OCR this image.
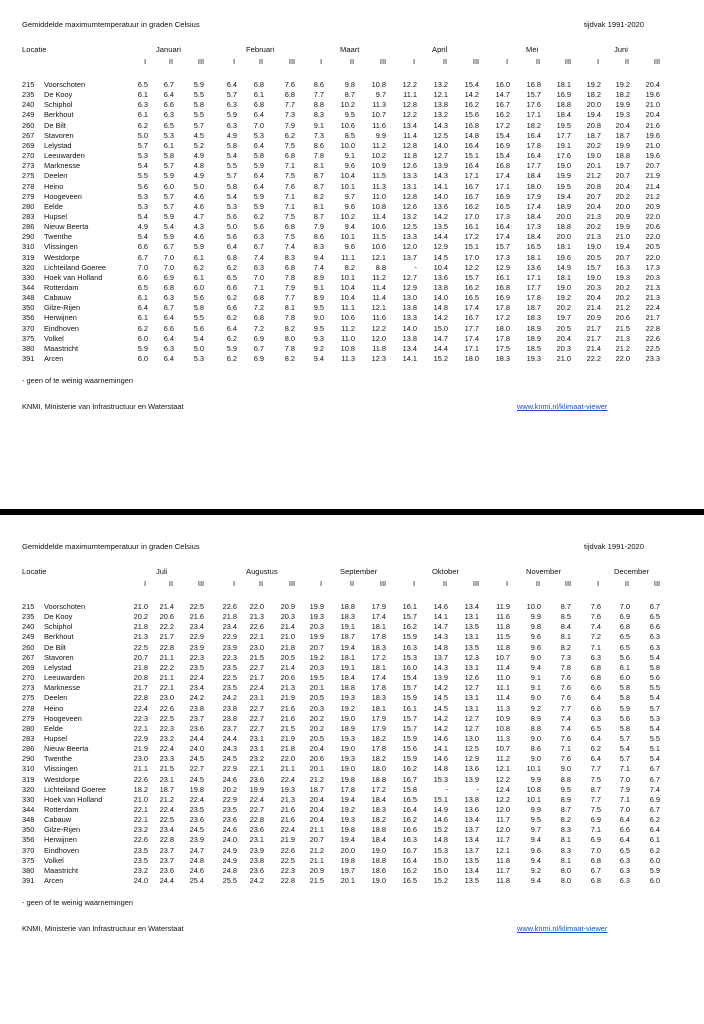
Gemiddelde maximumtemperatuur in graden Celsius	tijdvak 1991-2020
Locatie	Januari	Februari	Maart	April	Mei	Juni
I	II	III	I	II	III	I	II	III	I	II	III	I	II	III	I	II	III
215	Voorschoten	6.5	6.7	5.9	6.4	6.8	7.6	8.6	9.8	10.8	12.2	13.2	15.4	16.0	16.8	18.1	19.2	19.2	20.4
235	De Kooy	6.1	6.4	5.5	5.7	6.1	6.8	7.7	8.7	9.7	11.1	12.1	14.2	14.7	15.7	16.9	18.2	18.2	19.6
240	Schiphol	6.3	6.6	5.8	6.3	6.8	7.7	8.8	10.2	11.3	12.8	13.8	16.2	16.7	17.6	18.8	20.0	19.9	21.0
249	Berkhout	6.1	6.3	5.5	5.9	6.4	7.3	8.3	9.5	10.7	12.2	13.2	15.6	16.2	17.1	18.4	19.4	19.3	20.4
260	De Bilt	6.2	6.5	5.7	6.3	7.0	7.9	9.1	10.6	11.6	13.4	14.3	16.8	17.2	18.2	19.5	20.8	20.4	21.6
267	Stavoren	5.0	5.3	4.5	4.9	5.3	6.2	7.3	8.5	9.9	11.4	12.5	14.8	15.4	16.4	17.7	18.7	18.7	19.6
269	Lelystad	5.7	6.1	5.2	5.8	6.4	7.5	8.6	10.0	11.2	12.8	14.0	16.4	16.9	17.8	19.1	20.2	19.9	21.0
270	Leeuwarden	5.3	5.8	4.9	5.4	5.8	6.8	7.8	9.1	10.2	11.8	12.7	15.1	15.4	16.4	17.6	19.0	18.8	19.6
273	Marknesse	5.4	5.7	4.8	5.5	5.9	7.1	8.1	9.6	10.9	12.6	13.9	16.4	16.8	17.7	19.0	20.1	19.7	20.7
275	Deelen	5.5	5.9	4.9	5.7	6.4	7.5	8.7	10.4	11.5	13.3	14.3	17.1	17.4	18.4	19.9	21.2	20.7	21.9
278	Heino	5.6	6.0	5.0	5.8	6.4	7.6	8.7	10.1	11.3	13.1	14.1	16.7	17.1	18.0	19.5	20.8	20.4	21.4
279	Hoogeveen	5.3	5.7	4.6	5.4	5.9	7.1	8.2	9.7	11.0	12.8	14.0	16.7	16.9	17.9	19.4	20.7	20.2	21.2
280	Eelde	5.3	5.7	4.6	5.3	5.9	7.1	8.1	9.6	10.8	12.6	13.6	16.2	16.5	17.4	18.9	20.4	20.0	20.9
283	Hupsel	5.4	5.9	4.7	5.6	6.2	7.5	8.7	10.2	11.4	13.2	14.2	17.0	17.3	18.4	20.0	21.3	20.9	22.0
286	Nieuw Beerta	4.9	5.4	4.3	5.0	5.6	6.8	7.9	9.4	10.6	12.5	13.5	16.1	16.4	17.3	18.8	20.2	19.9	20.6
290	Twenthe	5.4	5.9	4.6	5.6	6.3	7.5	8.6	10.1	11.5	13.3	14.4	17.2	17.4	18.4	20.0	21.3	21.0	22.0
310	Vlissingen	6.6	6.7	5.9	6.4	6.7	7.4	8.3	9.6	10.6	12.0	12.9	15.1	15.7	16.5	18.1	19.0	19.4	20.5
319	Westdorpe	6.7	7.0	6.1	6.8	7.4	8.3	9.4	11.1	12.1	13.7	14.5	17.0	17.3	18.1	19.6	20.5	20.7	22.0
320	Lichteiland Goeree	7.0	7.0	6.2	6.2	6.3	6.8	7.4	8.2	8.8	-	10.4	12.2	12.9	13.6	14.9	15.7	16.3	17.3
330	Hoek van Holland	6.6	6.9	6.1	6.5	7.0	7.8	8.9	10.1	11.2	12.7	13.6	15.7	16.1	17.1	18.1	19.0	19.3	20.3
344	Rotterdam	6.5	6.8	6.0	6.6	7.1	7.9	9.1	10.4	11.4	12.9	13.8	16.2	16.8	17.7	19.0	20.3	20.2	21.3
348	Cabauw	6.1	6.3	5.6	6.2	6.8	7.7	8.9	10.4	11.4	13.0	14.0	16.5	16.9	17.8	19.2	20.4	20.2	21.3
350	Gilze-Rijen	6.4	6.7	5.8	6.6	7.2	8.1	9.5	11.1	12.1	13.8	14.8	17.4	17.8	18.7	20.2	21.4	21.2	22.4
356	Herwijnen	6.1	6.4	5.5	6.2	6.8	7.8	9.0	10.6	11.6	13.3	14.2	16.7	17.2	18.3	19.7	20.9	20.6	21.7
370	Eindhoven	6.2	6.6	5.6	6.4	7.2	8.2	9.5	11.2	12.2	14.0	15.0	17.7	18.0	18.9	20.5	21.7	21.5	22.8
375	Volkel	6.0	6.4	5.4	6.2	6.9	8.0	9.3	11.0	12.0	13.8	14.7	17.4	17.8	18.9	20.4	21.7	21.3	22.6
380	Maastricht	5.9	6.3	5.0	5.9	6.7	7.8	9.2	10.8	11.8	13.4	14.4	17.1	17.5	18.5	20.3	21.4	21.2	22.5
391	Arcen	6.0	6.4	5.3	6.2	6.9	8.2	9.4	11.3	12.3	14.1	15.2	18.0	18.3	19.3	21.0	22.2	22.0	23.3
- geen of te weinig waarnemingen
KNMI, Ministerie van Infrastructuur en Waterstaat	www.knmi.nl/klimaat-viewer
Gemiddelde maximumtemperatuur in graden Celsius	tijdvak 1991-2020
Locatie	Juli	Augustus	September	Oktober	November	December
I	II	III	I	II	III	I	II	III	I	II	III	I	II	III	I	II	III
215	Voorschoten	21.0	21.4	22.5	22.6	22.0	20.9	19.9	18.8	17.9	16.1	14.6	13.4	11.9	10.0	8.7	7.6	7.0	6.7
235	De Kooy	20.2	20.6	21.6	21.8	21.3	20.3	19.3	18.3	17.4	15.7	14.1	13.1	11.6	9.9	8.5	7.6	6.9	6.5
240	Schiphol	21.8	22.2	23.4	23.4	22.6	21.4	20.3	19.1	18.1	16.2	14.7	13.5	11.8	9.8	8.4	7.4	6.8	6.6
249	Berkhout	21.3	21.7	22.9	22.9	22.1	21.0	19.9	18.7	17.8	15.9	14.3	13.1	11.5	9.6	8.1	7.2	6.5	6.3
260	De Bilt	22.5	22.8	23.9	23.9	23.0	21.8	20.7	19.4	18.3	16.3	14.8	13.5	11.8	9.6	8.2	7.1	6.5	6.3
267	Stavoren	20.7	21.1	22.3	22.3	21.5	20.5	19.2	18.1	17.2	15.3	13.7	12.3	10.7	9.0	7.3	6.3	5.6	5.4
269	Lelystad	21.8	22.2	23.5	23.5	22.7	21.4	20.3	19.1	18.1	16.0	14.3	13.1	11.4	9.4	7.8	6.8	6.1	5.8
270	Leeuwarden	20.8	21.1	22.4	22.5	21.7	20.6	19.5	18.4	17.4	15.4	13.9	12.6	11.0	9.1	7.6	6.8	6.0	5.6
273	Marknesse	21.7	22.1	23.4	23.5	22.4	21.3	20.1	18.8	17.8	15.7	14.2	12.7	11.1	9.1	7.6	6.6	5.8	5.5
275	Deelen	22.8	23.0	24.2	24.2	23.1	21.9	20.5	19.3	18.3	15.9	14.5	13.1	11.4	9.0	7.6	6.4	5.8	5.4
278	Heino	22.4	22.6	23.8	23.8	22.7	21.6	20.3	19.2	18.1	16.1	14.5	13.1	11.3	9.2	7.7	6.6	5.9	5.7
279	Hoogeveen	22.3	22.5	23.7	23.8	22.7	21.6	20.2	19.0	17.9	15.7	14.2	12.7	10.9	8.9	7.4	6.3	5.6	5.3
280	Eelde	22.1	22.3	23.6	23.7	22.7	21.5	20.2	18.9	17.9	15.7	14.2	12.7	10.8	8.8	7.4	6.5	5.8	5.4
283	Hupsel	22.9	23.2	24.4	24.4	23.1	21.9	20.5	19.3	18.2	15.9	14.6	13.0	11.3	9.0	7.6	6.4	5.7	5.5
286	Nieuw Beerta	21.9	22.4	24.0	24.3	23.1	21.8	20.4	19.0	17.8	15.6	14.1	12.5	10.7	8.6	7.1	6.2	5.4	5.1
290	Twenthe	23.0	23.3	24.5	24.5	23.2	22.0	20.6	19.3	18.2	15.9	14.6	12.9	11.2	9.0	7.6	6.4	5.7	5.4
310	Vlissingen	21.1	21.5	22.7	22.9	22.1	21.1	20.1	19.0	18.0	16.2	14.8	13.6	12.1	10.1	9.0	7.7	7.1	6.7
319	Westdorpe	22.6	23.1	24.5	24.6	23.6	22.4	21.2	19.8	18.8	16.7	15.3	13.9	12.2	9.9	8.8	7.5	7.0	6.7
320	Lichteiland Goeree	18.2	18.7	19.8	20.2	19.9	19.3	18.7	17.8	17.2	15.8	-	-	12.4	10.8	9.5	8.7	7.9	7.4
330	Hoek van Holland	21.0	21.2	22.4	22.9	22.4	21.3	20.4	19.4	18.4	16.5	15.1	13.8	12.2	10.1	8.9	7.7	7.1	6.9
344	Rotterdam	22.1	22.4	23.5	23.5	22.7	21.6	20.4	19.2	18.3	16.4	14.9	13.6	12.0	9.9	8.7	7.5	7.0	6.7
348	Cabauw	22.1	22.5	23.6	23.6	22.8	21.6	20.4	19.3	18.2	16.2	14.6	13.4	11.7	9.5	8.2	6.9	6.4	6.2
350	Gilze-Rijen	23.2	23.4	24.5	24.6	23.6	22.4	21.1	19.8	18.8	16.6	15.2	13.7	12.0	9.7	8.3	7.1	6.6	6.4
356	Herwijnen	22.6	22.8	23.9	24.0	23.1	21.9	20.7	19.4	18.4	16.3	14.8	13.4	11.7	9.4	8.1	6.9	6.4	6.1
370	Eindhoven	23.5	23.7	24.7	24.9	23.9	22.6	21.2	20.0	19.0	16.7	15.3	13.7	12.1	9.6	8.3	7.0	6.5	6.2
375	Volkel	23.5	23.7	24.8	24.9	23.8	22.5	21.1	19.8	18.8	16.4	15.0	13.5	11.8	9.4	8.1	6.8	6.3	6.0
380	Maastricht	23.2	23.6	24.6	24.8	23.6	22.3	20.9	19.7	18.6	16.2	15.0	13.4	11.7	9.2	8.0	6.7	6.3	5.9
391	Arcen	24.0	24.4	25.4	25.5	24.2	22.8	21.5	20.1	19.0	16.5	15.2	13.5	11.8	9.4	8.0	6.8	6.3	6.0
- geen of te weinig waarnemingen
KNMI, Ministerie van Infrastructuur en Waterstaat	www.knmi.nl/klimaat-viewer
